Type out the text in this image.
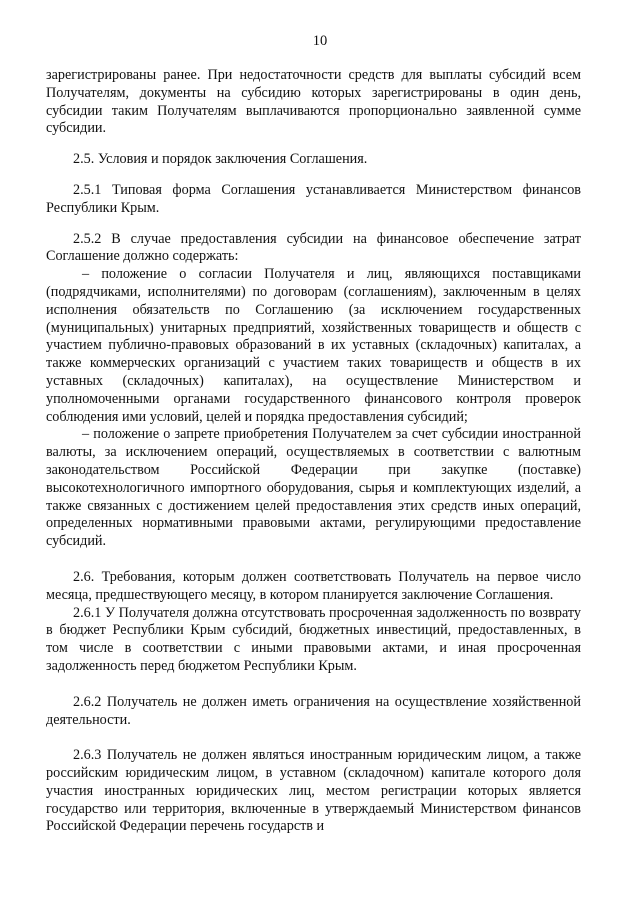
10

зарегистрированы ранее. При недостаточности средств для выплаты субсидий всем Получателям, документы на субсидию которых зарегистрированы в один день, субсидии таким Получателям выплачиваются пропорционально заявленной сумме субсидии.

2.5. Условия и порядок заключения Соглашения.

2.5.1 Типовая форма Соглашения устанавливается Министерством финансов Республики Крым.

2.5.2 В случае предоставления субсидии на финансовое обеспечение затрат Соглашение должно содержать:

– положение о согласии Получателя и лиц, являющихся поставщиками (подрядчиками, исполнителями) по договорам (соглашениям), заключенным в целях исполнения обязательств по Соглашению (за исключением государственных (муниципальных) унитарных предприятий, хозяйственных товариществ и обществ с участием публично-правовых образований в их уставных (складочных) капиталах, а также коммерческих организаций с участием таких товариществ и обществ в их уставных (складочных) капиталах), на осуществление Министерством и уполномоченными органами государственного финансового контроля проверок соблюдения ими условий, целей и порядка предоставления субсидий;

– положение о запрете приобретения Получателем за счет субсидии иностранной валюты, за исключением операций, осуществляемых в соответствии с валютным законодательством Российской Федерации при закупке (поставке) высокотехнологичного импортного оборудования, сырья и комплектующих изделий, а также связанных с достижением целей предоставления этих средств иных операций, определенных нормативными правовыми актами, регулирующими предоставление субсидий.

2.6. Требования, которым должен соответствовать Получатель на первое число месяца, предшествующего месяцу, в котором планируется заключение Соглашения.

2.6.1 У Получателя должна отсутствовать просроченная задолженность по возврату в бюджет Республики Крым субсидий, бюджетных инвестиций, предоставленных, в том числе в соответствии с иными правовыми актами, и иная просроченная задолженность перед бюджетом Республики Крым.

2.6.2 Получатель не должен иметь ограничения на осуществление хозяйственной деятельности.

2.6.3 Получатель не должен являться иностранным юридическим лицом, а также российским юридическим лицом, в уставном (складочном) капитале которого доля участия иностранных юридических лиц, местом регистрации которых является государство или территория, включенные в утверждаемый Министерством финансов Российской Федерации перечень государств и
